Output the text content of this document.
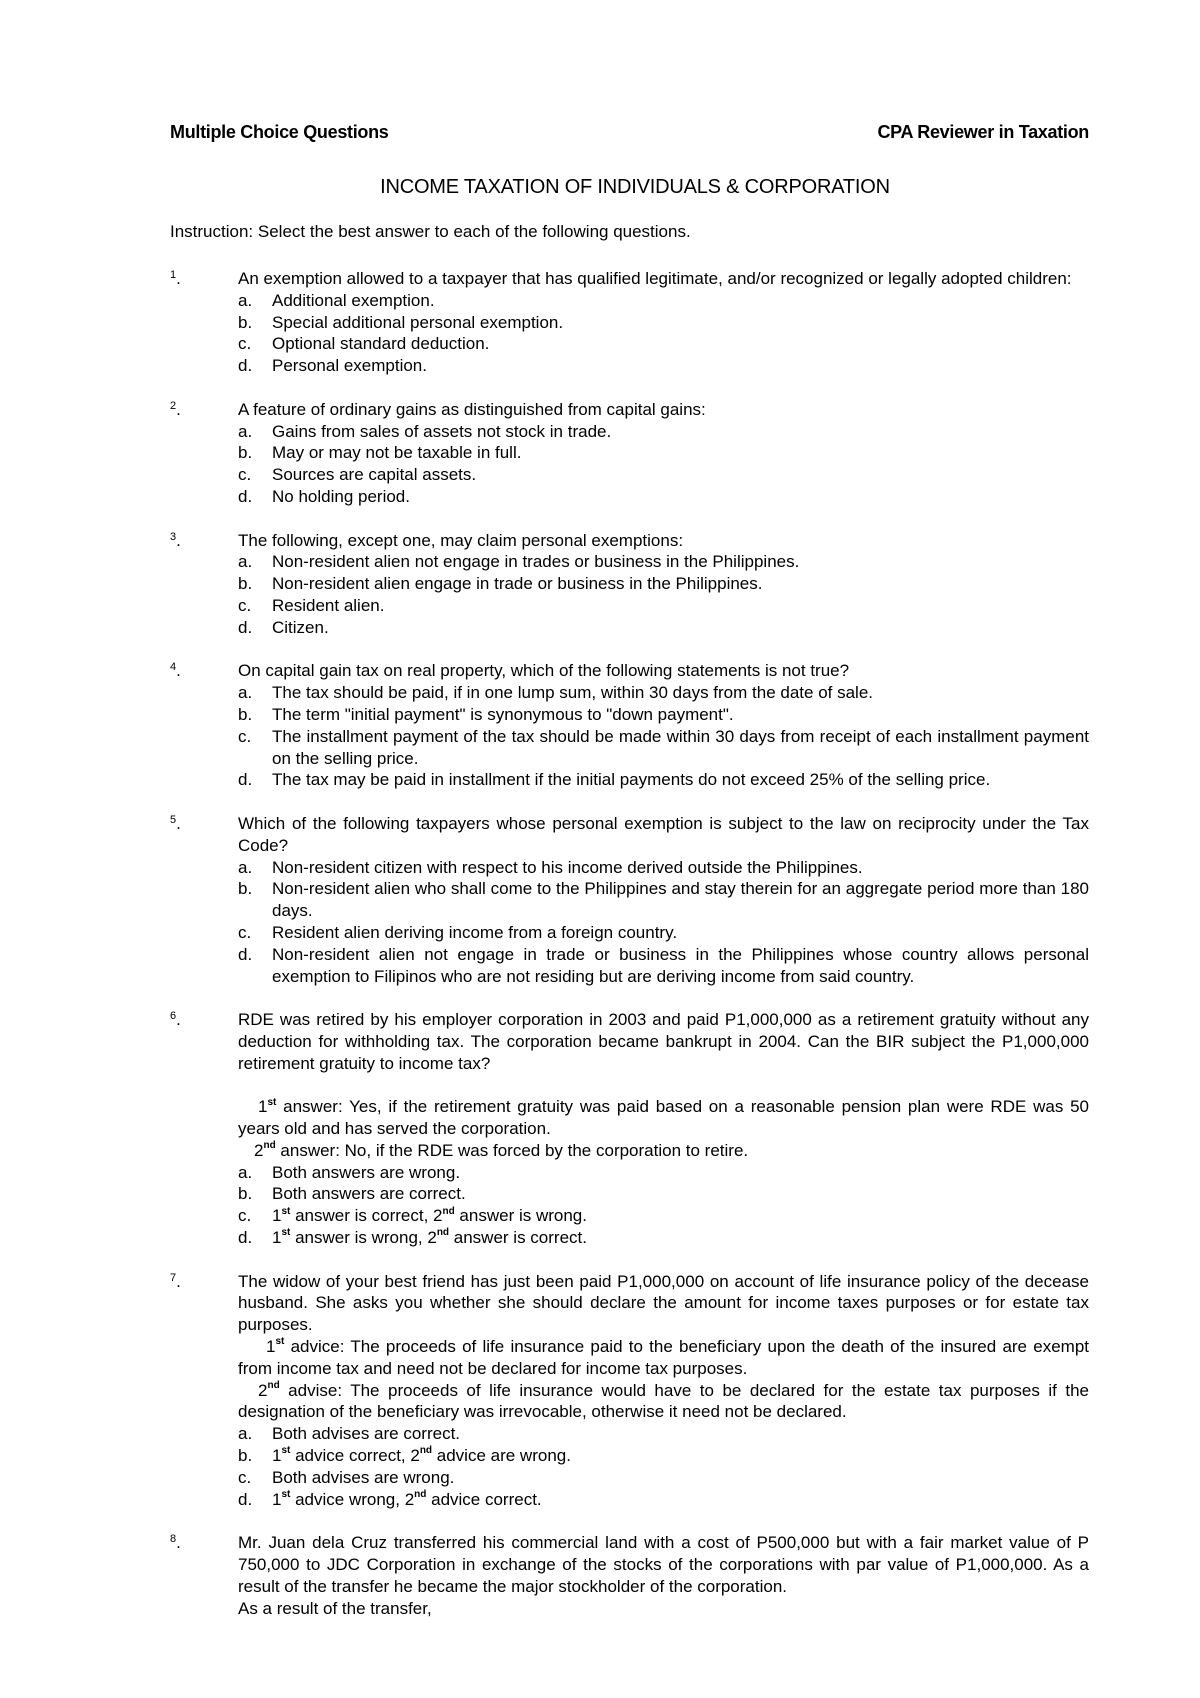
Multiple Choice Questions	CPA Reviewer in Taxation
INCOME TAXATION OF INDIVIDUALS & CORPORATION
Instruction: Select the best answer to each of the following questions.
1 .	An exemption allowed to a taxpayer that has qualified legitimate, and/or recognized or legally adopted children:
a. Additional exemption.
b. Special additional personal exemption.
c. Optional standard deduction.
d. Personal exemption.
2 .	A feature of ordinary gains as distinguished from capital gains:
a. Gains from sales of assets not stock in trade.
b. May or may not be taxable in full.
c. Sources are capital assets.
d. No holding period.
3 .	The following, except one, may claim personal exemptions:
a. Non-resident alien not engage in trades or business in the Philippines.
b. Non-resident alien engage in trade or business in the Philippines.
c. Resident alien.
d. Citizen.
4 .	On capital gain tax on real property, which of the following statements is not true?
a. The tax should be paid, if in one lump sum, within 30 days from the date of sale.
b. The term "initial payment" is synonymous to "down payment".
c. The installment payment of the tax should be made within 30 days from receipt of each installment payment on the selling price.
d. The tax may be paid in installment if the initial payments do not exceed 25% of the selling price.
5 .	Which of the following taxpayers whose personal exemption is subject to the law on reciprocity under the Tax Code?
a. Non-resident citizen with respect to his income derived outside the Philippines.
b. Non-resident alien who shall come to the Philippines and stay therein for an aggregate period more than 180 days.
c. Resident alien deriving income from a foreign country.
d. Non-resident alien not engage in trade or business in the Philippines whose country allows personal exemption to Filipinos who are not residing but are deriving income from said country.
6 .	RDE was retired by his employer corporation in 2003 and paid P1,000,000 as a retirement gratuity without any deduction for withholding tax. The corporation became bankrupt in 2004. Can the BIR subject the P1,000,000 retirement gratuity to income tax?
1st answer: Yes, if the retirement gratuity was paid based on a reasonable pension plan were RDE was 50 years old and has served the corporation.
2nd answer: No, if the RDE was forced by the corporation to retire.
a. Both answers are wrong.
b. Both answers are correct.
c. 1st answer is correct, 2nd answer is wrong.
d. 1st answer is wrong, 2nd answer is correct.
7 .	The widow of your best friend has just been paid P1,000,000 on account of life insurance policy of the decease husband. She asks you whether she should declare the amount for income taxes purposes or for estate tax purposes.
1st advice: The proceeds of life insurance paid to the beneficiary upon the death of the insured are exempt from income tax and need not be declared for income tax purposes.
2nd advise: The proceeds of life insurance would have to be declared for the estate tax purposes if the designation of the beneficiary was irrevocable, otherwise it need not be declared.
a. Both advises are correct.
b. 1st advice correct, 2nd advice are wrong.
c. Both advises are wrong.
d. 1st advice wrong, 2nd advice correct.
8 .	Mr. Juan dela Cruz transferred his commercial land with a cost of P500,000 but with a fair market value of P 750,000 to JDC Corporation in exchange of the stocks of the corporations with par value of P1,000,000. As a result of the transfer he became the major stockholder of the corporation.
As a result of the transfer,
